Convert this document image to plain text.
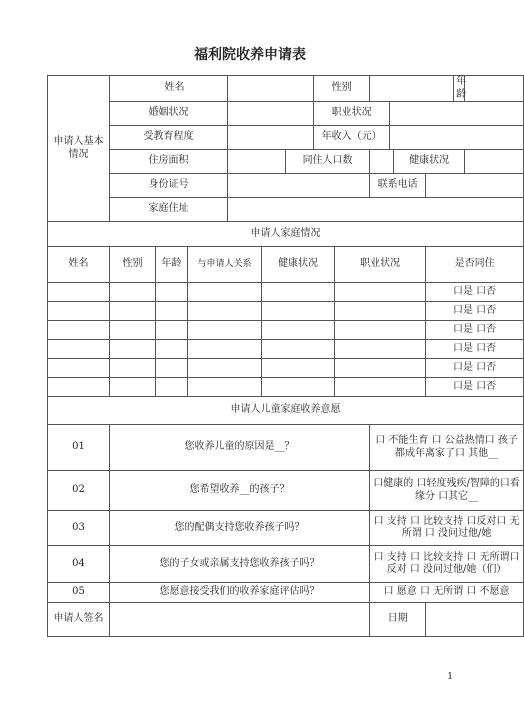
福利院收养申请表
申请人基本情况	姓名						性别						年龄	
	婚姻状况						职业状况							
	受教育程度						年收入（元）							
	住房面积					同住人口数					健康状况			
	身份证号								联系电话					
	家庭住址													
申请人家庭情况														
姓名	性别	年龄	与申请人关系		健康状况			职业状况				是否同住		
												口是 口否		
												口是 口否		
												口是 口否		
												口是 口否		
												口是 口否		
												口是 口否		
申请人儿童家庭收养意愿														
01	您收养儿童的原因是__？								口 不能生育 口 公益热情口 孩子都成年离家了口 其他__					
02	您希望收养__的孩子？								口健康的 口轻度残疾/智障的口看缘分 口其它__					
03	您的配偶支持您收养孩子吗？								口 支持 口 比较支持 口反对口 无所谓 口 没问过他/她					
04	您的子女或亲属支持您收养孩子吗？								口 支持 口 比较支持 口 无所谓口 反对 口 没问过他/她（们）					
05	您愿意接受我们的收养家庭评估吗？								口 愿意 口 无所谓 口 不愿意					
申请人签名									日期					
1
